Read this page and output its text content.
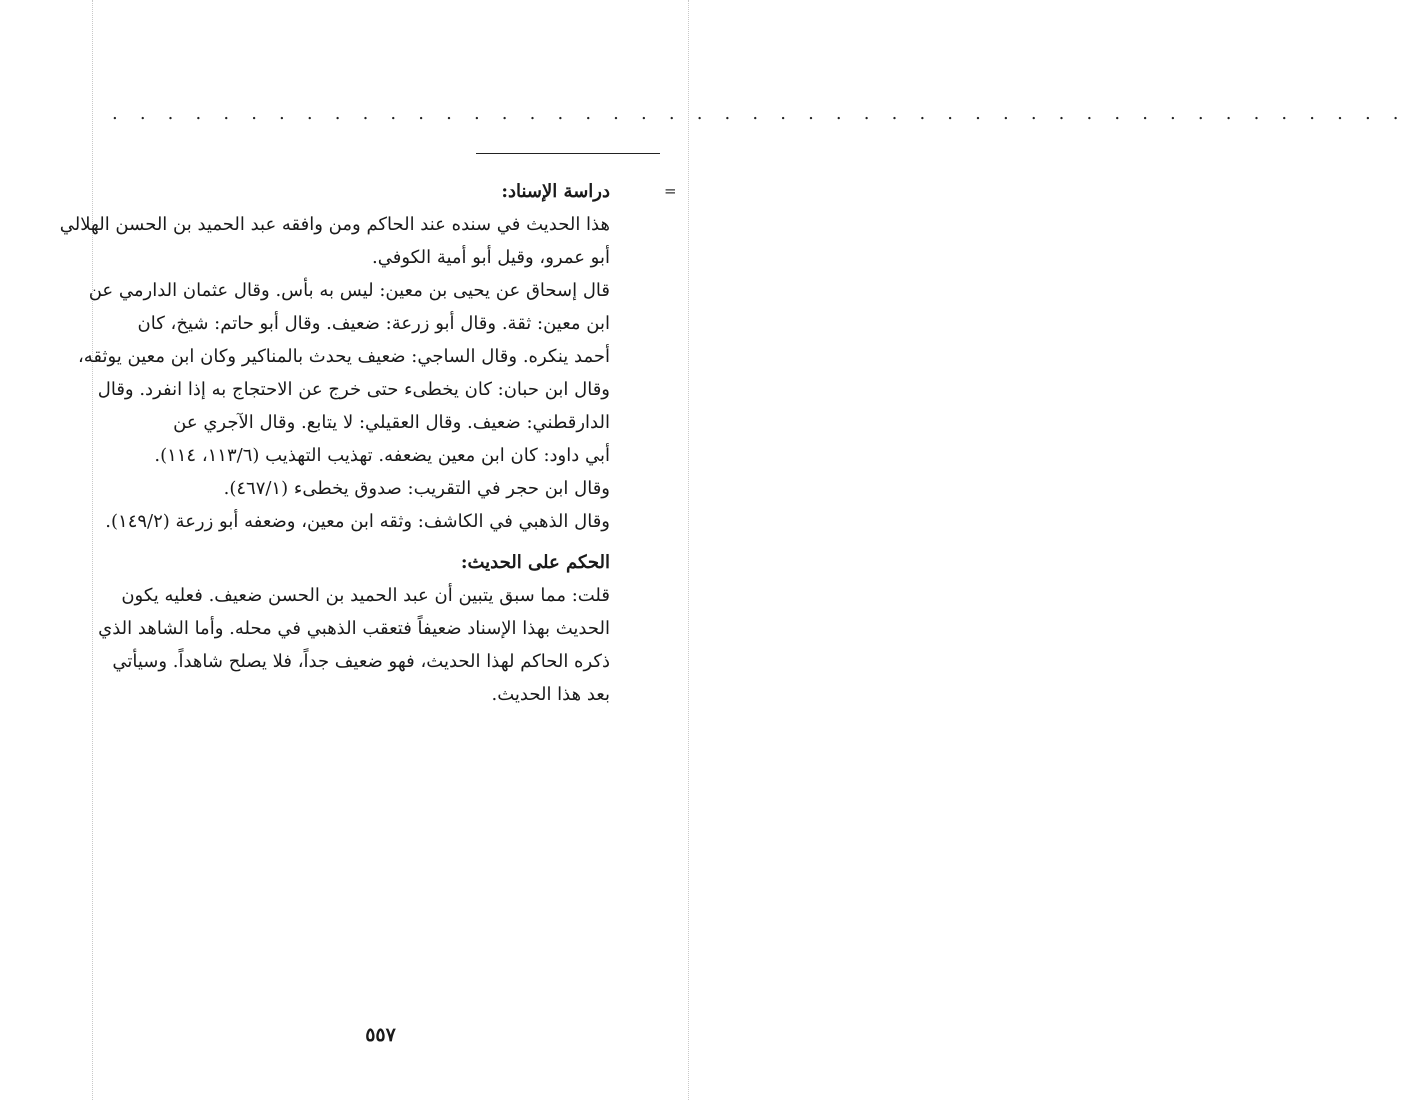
. . . . . . . . . . . . . . . . . . . . . . . . . . . . . . . . . . . . . . . . . . . . . . .
=
دراسة الإسناد:
هذا الحديث في سنده عند الحاكم ومن وافقه عبد الحميد بن الحسن الهلالي
أبو عمرو، وقيل أبو أمية الكوفي.
قال إسحاق عن يحيى بن معين: ليس به بأس. وقال عثمان الدارمي عن
ابن معين: ثقة. وقال أبو زرعة: ضعيف. وقال أبو حاتم: شيخ، كان
أحمد ينكره. وقال الساجي: ضعيف يحدث بالمناكير وكان ابن معين يوثقه،
وقال ابن حبان: كان يخطىء حتى خرج عن الاحتجاج به إذا انفرد. وقال
الدارقطني: ضعيف. وقال العقيلي: لا يتابع. وقال الآجري عن
أبي داود: كان ابن معين يضعفه. تهذيب التهذيب (١١٣/٦، ١١٤).
وقال ابن حجر في التقريب: صدوق يخطىء (٤٦٧/١).
وقال الذهبي في الكاشف: وثقه ابن معين، وضعفه أبو زرعة (١٤٩/٢).
الحكم على الحديث:
قلت: مما سبق يتبين أن عبد الحميد بن الحسن ضعيف. فعليه يكون
الحديث بهذا الإسناد ضعيفاً فتعقب الذهبي في محله. وأما الشاهد الذي
ذكره الحاكم لهذا الحديث، فهو ضعيف جداً، فلا يصلح شاهداً. وسيأتي
بعد هذا الحديث.
٥٥٧
